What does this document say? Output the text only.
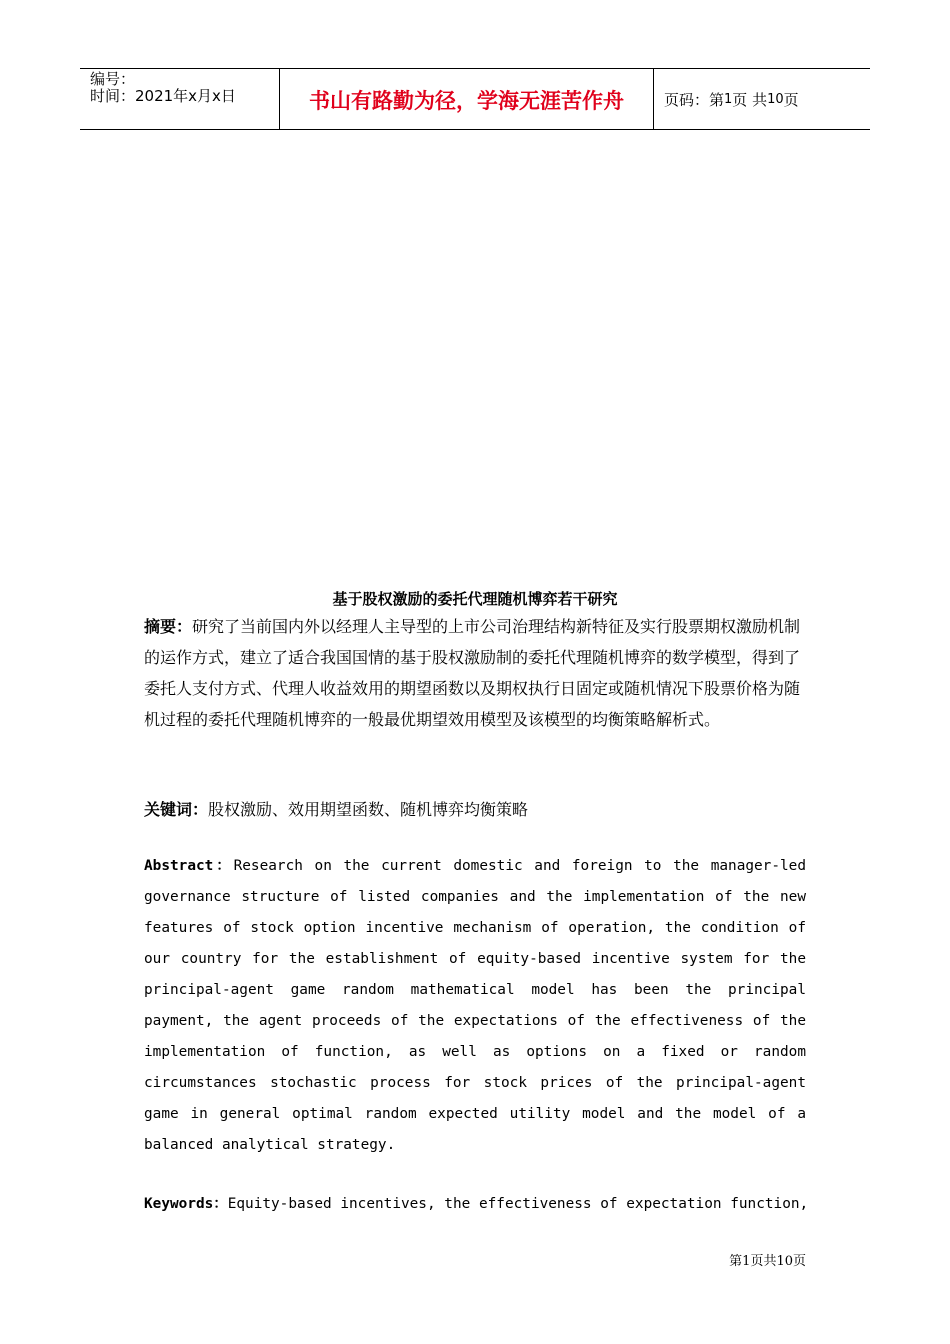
编号：
时间：2021年x月x日	书山有路勤为径，学海无涯苦作舟	页码：第 1 页 共 10 页
基于股权激励的委托代理随机博弈若干研究
摘要：研究了当前国内外以经理人主导型的上市公司治理结构新特征及实行股票期权激励机制的运作方式，建立了适合我国国情的基于股权激励制的委托代理随机博弈的数学模型，得到了委托人支付方式、代理人收益效用的期望函数以及期权执行日固定或随机情况下股票价格为随机过程的委托代理随机博弈的一般最优期望效用模型及该模型的均衡策略解析式。
关键词：股权激励、效用期望函数、随机博弈均衡策略
Abstract：Research on the current domestic and foreign to the manager-led governance structure of listed companies and the implementation of the new features of stock option incentive mechanism of operation, the condition of our country for the establishment of equity-based incentive system for the principal-agent game random mathematical model has been the principal payment, the agent proceeds of the expectations of the effectiveness of the implementation of function, as well as options on a fixed or random circumstances stochastic process for stock prices of the principal-agent game in general optimal random expected utility model and the model of a balanced analytical strategy.
Keywords：Equity-based incentives, the effectiveness of expectation function,
第1页共10页
